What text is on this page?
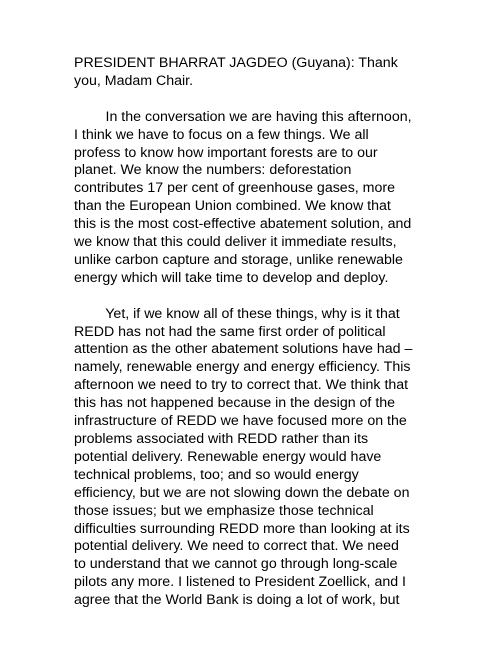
PRESIDENT BHARRAT JAGDEO (Guyana): Thank
you, Madam Chair.

In the conversation we are having this afternoon,
I think we have to focus on a few things. We all
profess to know how important forests are to our
planet. We know the numbers: deforestation
contributes 17 per cent of greenhouse gases, more
than the European Union combined. We know that
this is the most cost-effective abatement solution, and
we know that this could deliver it immediate results,
unlike carbon capture and storage, unlike renewable
energy which will take time to develop and deploy.

Yet, if we know all of these things, why is it that
REDD has not had the same first order of political
attention as the other abatement solutions have had –
namely, renewable energy and energy efficiency. This
afternoon we need to try to correct that. We think that
this has not happened because in the design of the
infrastructure of REDD we have focused more on the
problems associated with REDD rather than its
potential delivery. Renewable energy would have
technical problems, too; and so would energy
efficiency, but we are not slowing down the debate on
those issues; but we emphasize those technical
difficulties surrounding REDD more than looking at its
potential delivery. We need to correct that. We need
to understand that we cannot go through long-scale
pilots any more. I listened to President Zoellick, and I
agree that the World Bank is doing a lot of work, but
